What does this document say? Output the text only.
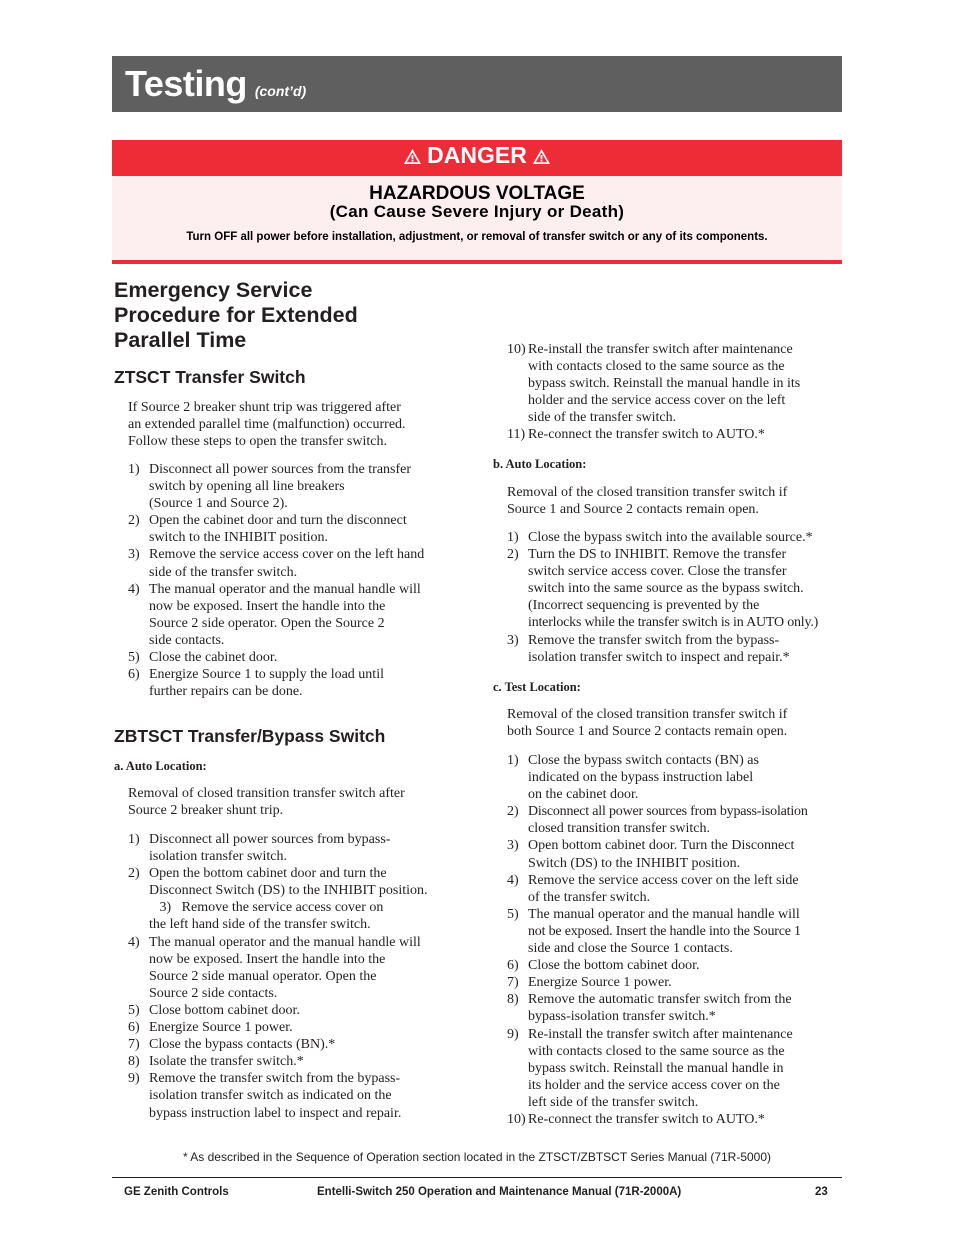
Testing (cont’d)
DANGER
HAZARDOUS VOLTAGE
(Can Cause Severe Injury or Death)
Turn OFF all power before installation, adjustment, or removal of transfer switch or any of its components.
Emergency Service
Procedure for Extended
Parallel Time
ZTSCT Transfer Switch
If Source 2 breaker shunt trip was triggered after
an extended parallel time (malfunction) occurred.
Follow these steps to open the transfer switch.
1) Disconnect all power sources from the transfer
switch by opening all line breakers
(Source 1 and Source 2).
2) Open the cabinet door and turn the disconnect
switch to the INHIBIT position.
3) Remove the service access cover on the left hand
side of the transfer switch.
4) The manual operator and the manual handle will
now be exposed. Insert the handle into the
Source 2 side operator. Open the Source 2
side contacts.
5) Close the cabinet door.
6) Energize Source 1 to supply the load until
further repairs can be done.
ZBTSCT Transfer/Bypass Switch
a. Auto Location:
Removal of closed transition transfer switch after
Source 2 breaker shunt trip.
1) Disconnect all power sources from bypass-
isolation transfer switch.
2) Open the bottom cabinet door and turn the
Disconnect Switch (DS) to the INHIBIT position.
3)   Remove the service access cover on
the left hand side of the transfer switch.
4) The manual operator and the manual handle will
now be exposed. Insert the handle into the
Source 2 side manual operator. Open the
Source 2 side contacts.
5) Close bottom cabinet door.
6) Energize Source 1 power.
7) Close the bypass contacts (BN).*
8) Isolate the transfer switch.*
9) Remove the transfer switch from the bypass-
isolation transfer switch as indicated on the
bypass instruction label to inspect and repair.
10) Re-install the transfer switch after maintenance
with contacts closed to the same source as the
bypass switch. Reinstall the manual handle in its
holder and the service access cover on the left
side of the transfer switch.
11) Re-connect the transfer switch to AUTO.*
b. Auto Location:
Removal of the closed transition transfer switch if
Source 1 and Source 2 contacts remain open.
1) Close the bypass switch into the available source.*
2) Turn the DS to INHIBIT. Remove the transfer
switch service access cover. Close the transfer
switch into the same source as the bypass switch.
(Incorrect sequencing is prevented by the
interlocks while the transfer switch is in AUTO only.)
3) Remove the transfer switch from the bypass-
isolation transfer switch to inspect and repair.*
c. Test Location:
Removal of the closed transition transfer switch if
both Source 1 and Source 2 contacts remain open.
1) Close the bypass switch contacts (BN) as
indicated on the bypass instruction label
on the cabinet door.
2) Disconnect all power sources from bypass-isolation
closed transition transfer switch.
3) Open bottom cabinet door. Turn the Disconnect
Switch (DS) to the INHIBIT position.
4) Remove the service access cover on the left side
of the transfer switch.
5) The manual operator and the manual handle will
not be exposed. Insert the handle into the Source 1
side and close the Source 1 contacts.
6) Close the bottom cabinet door.
7) Energize Source 1 power.
8) Remove the automatic transfer switch from the
bypass-isolation transfer switch.*
9) Re-install the transfer switch after maintenance
with contacts closed to the same source as the
bypass switch. Reinstall the manual handle in
its holder and the service access cover on the
left side of the transfer switch.
10) Re-connect the transfer switch to AUTO.*
* As described in the Sequence of Operation section located in the ZTSCT/ZBTSCT Series Manual (71R-5000)
GE Zenith Controls	Entelli-Switch 250 Operation and Maintenance Manual (71R-2000A)	23
